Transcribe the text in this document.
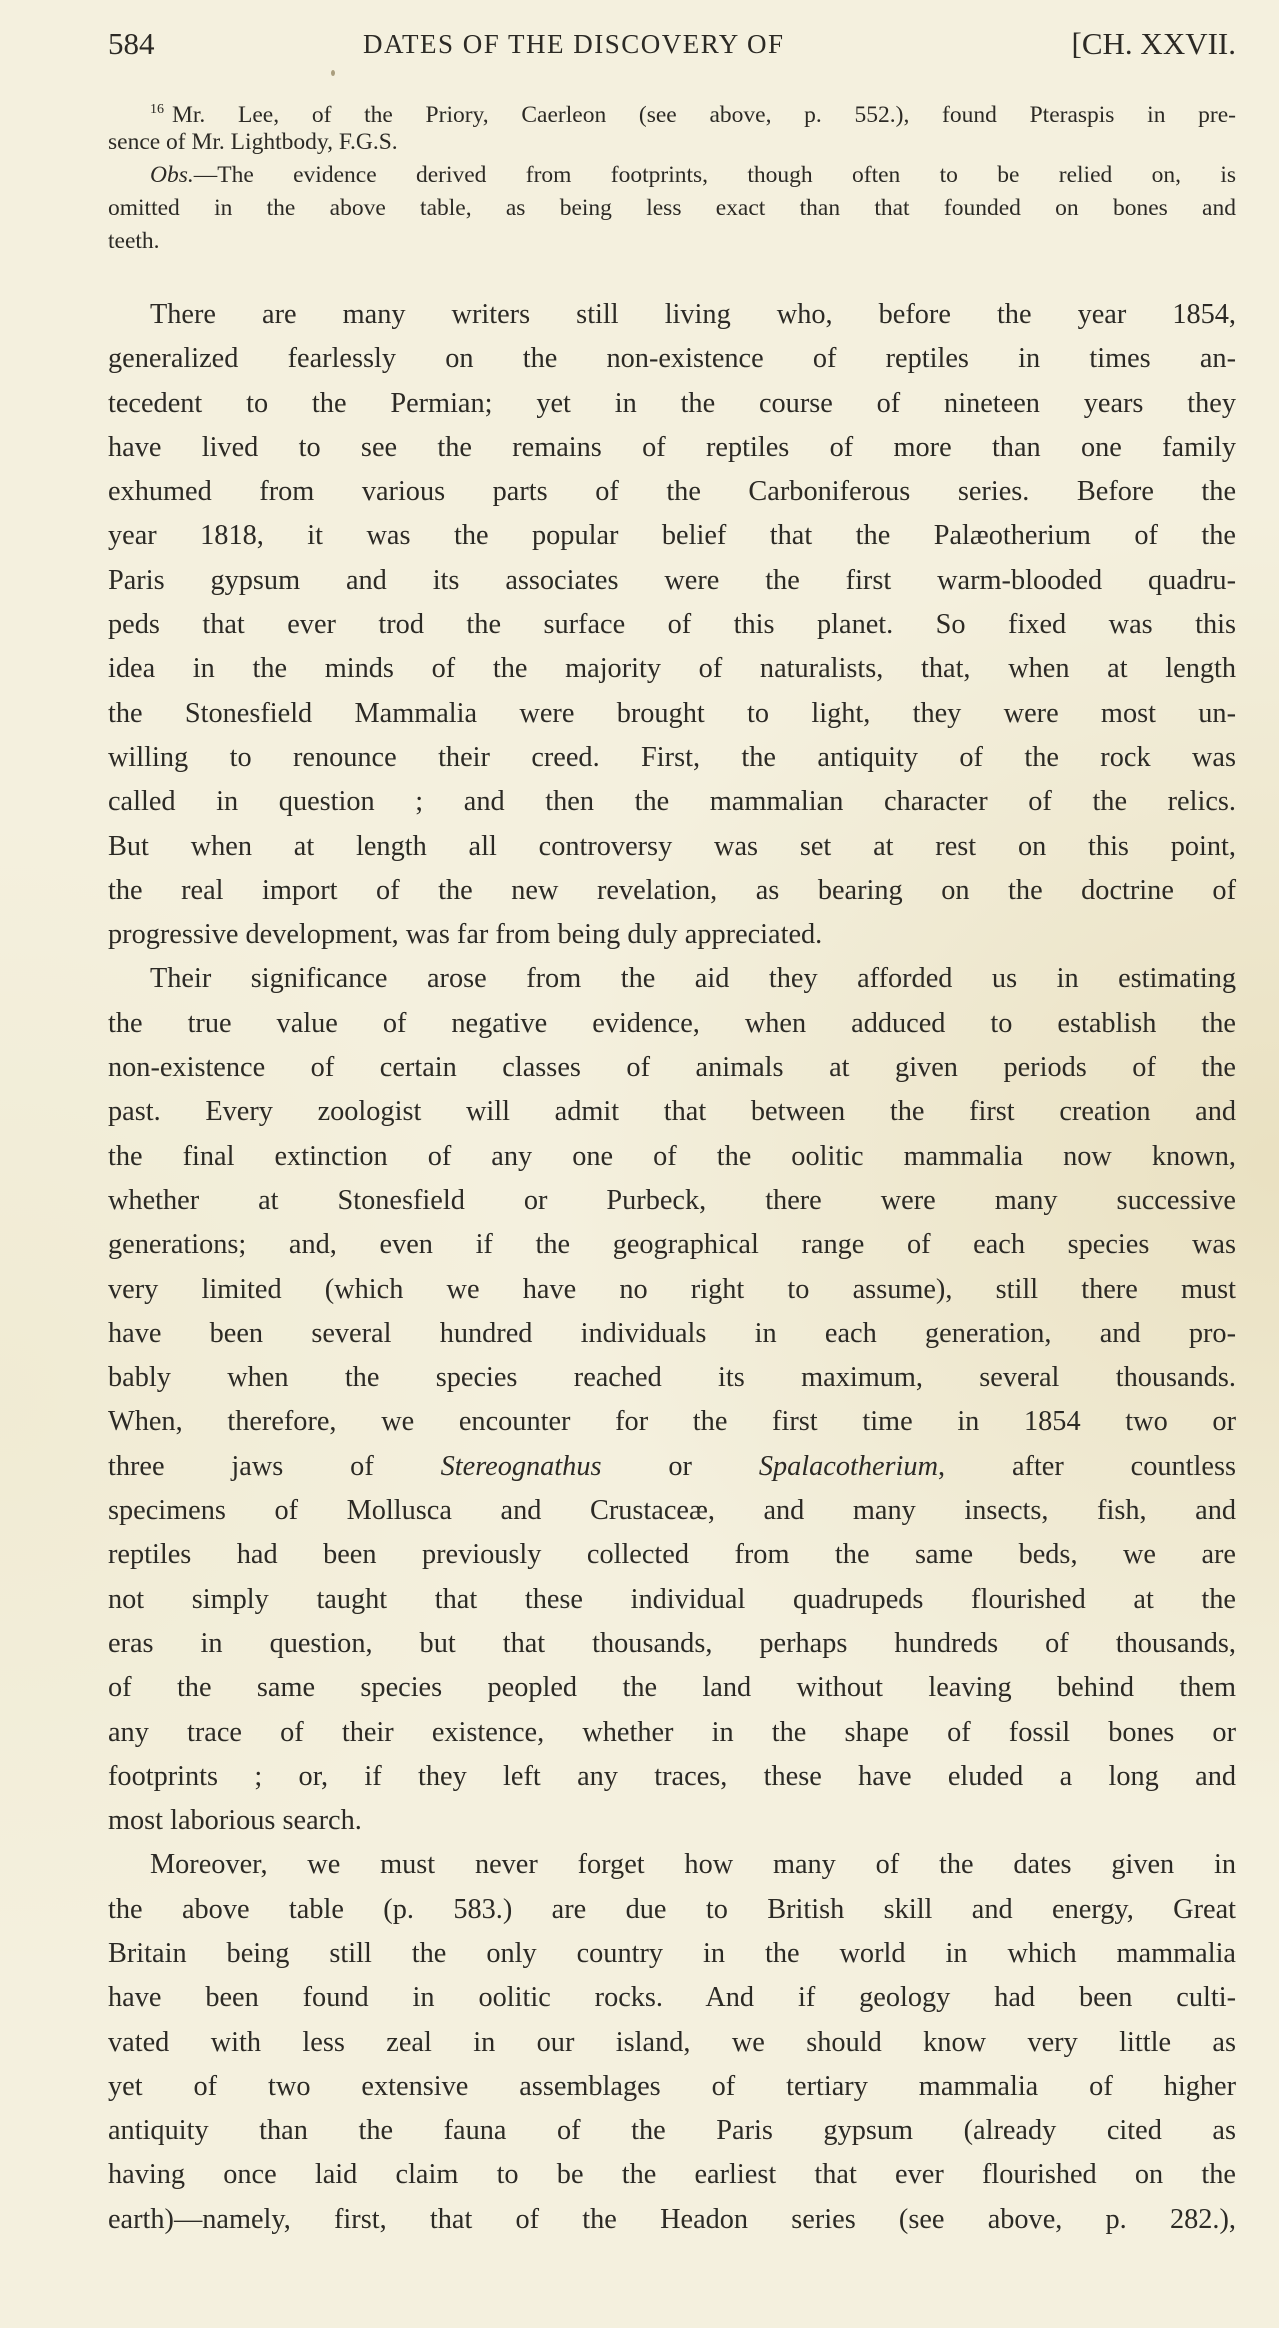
584	DATES OF THE DISCOVERY OF	[CH. XXVII.
$^{16}$ Mr. Lee, of the Priory, Caerleon (see above, p. 552.), found Pteraspis in pre-
sence of Mr. Lightbody, F.G.S.
Obs.—The evidence derived from footprints, though often to be relied on, is
omitted in the above table, as being less exact than that founded on bones and
teeth.
There are many writers still living who, before the year 1854,
generalized fearlessly on the non-existence of reptiles in times an-
tecedent to the Permian; yet in the course of nineteen years they
have lived to see the remains of reptiles of more than one family
exhumed from various parts of the Carboniferous series. Before the
year 1818, it was the popular belief that the Palæotherium of the
Paris gypsum and its associates were the first warm-blooded quadru-
peds that ever trod the surface of this planet. So fixed was this
idea in the minds of the majority of naturalists, that, when at length
the Stonesfield Mammalia were brought to light, they were most un-
willing to renounce their creed. First, the antiquity of the rock was
called in question ; and then the mammalian character of the relics.
But when at length all controversy was set at rest on this point,
the real import of the new revelation, as bearing on the doctrine of
progressive development, was far from being duly appreciated.
Their significance arose from the aid they afforded us in estimating
the true value of negative evidence, when adduced to establish the
non-existence of certain classes of animals at given periods of the
past. Every zoologist will admit that between the first creation and
the final extinction of any one of the oolitic mammalia now known,
whether at Stonesfield or Purbeck, there were many successive
generations; and, even if the geographical range of each species was
very limited (which we have no right to assume), still there must
have been several hundred individuals in each generation, and pro-
bably when the species reached its maximum, several thousands.
When, therefore, we encounter for the first time in 1854 two or
three jaws of Stereognathus or Spalacotherium, after countless
specimens of Mollusca and Crustaceæ, and many insects, fish, and
reptiles had been previously collected from the same beds, we are
not simply taught that these individual quadrupeds flourished at the
eras in question, but that thousands, perhaps hundreds of thousands,
of the same species peopled the land without leaving behind them
any trace of their existence, whether in the shape of fossil bones or
footprints ; or, if they left any traces, these have eluded a long and
most laborious search.
Moreover, we must never forget how many of the dates given in
the above table (p. 583.) are due to British skill and energy, Great
Britain being still the only country in the world in which mammalia
have been found in oolitic rocks. And if geology had been culti-
vated with less zeal in our island, we should know very little as
yet of two extensive assemblages of tertiary mammalia of higher
antiquity than the fauna of the Paris gypsum (already cited as
having once laid claim to be the earliest that ever flourished on the
earth)—namely, first, that of the Headon series (see above, p. 282.),
